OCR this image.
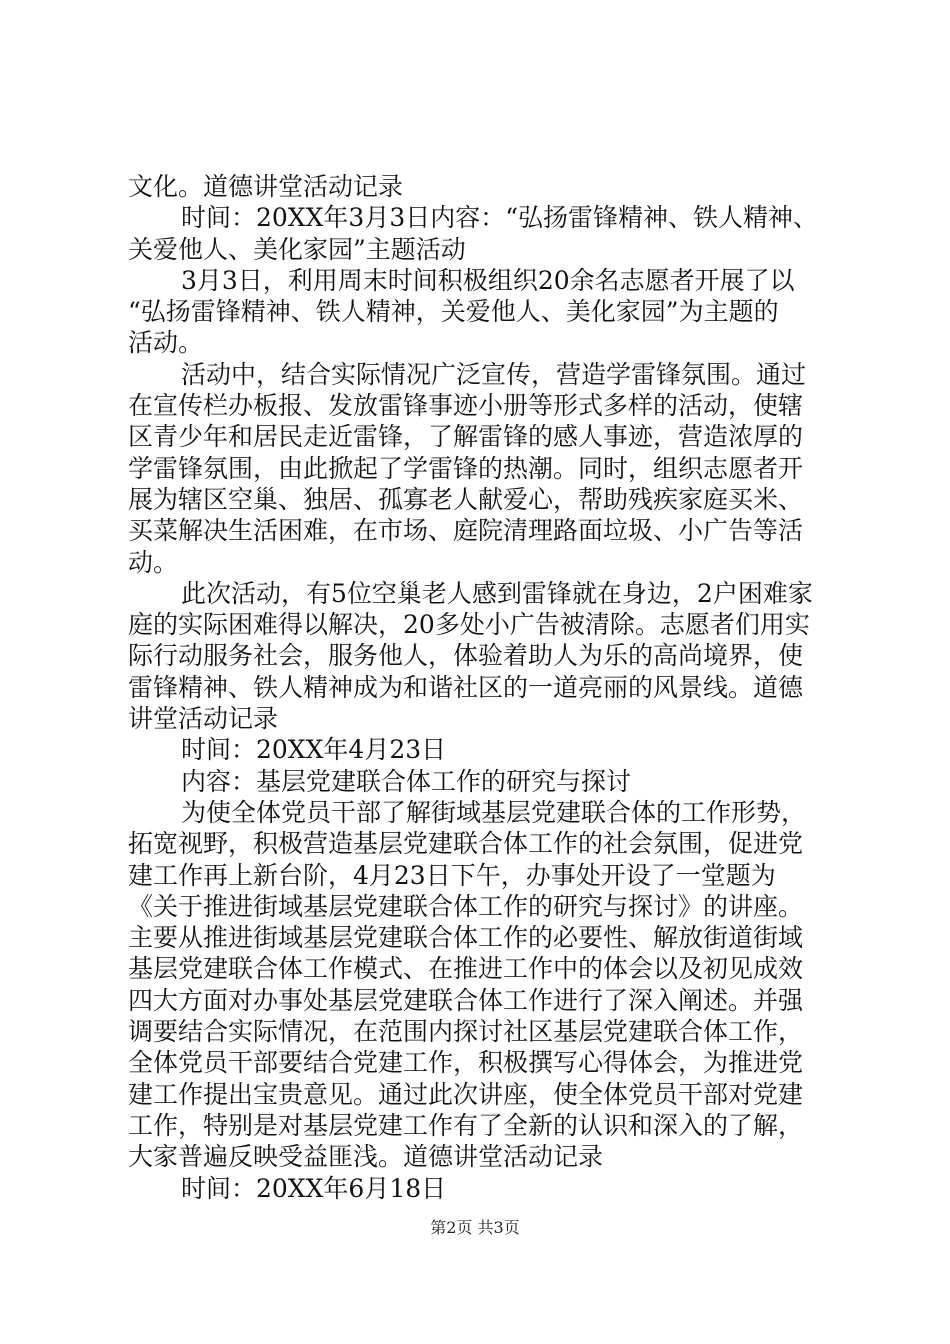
文化。道德讲堂活动记录
时间：20XX年3月3日内容：“弘扬雷锋精神、铁人精神、
关爱他人、美化家园”主题活动
3月3日，利用周末时间积极组织20余名志愿者开展了以
“弘扬雷锋精神、铁人精神，关爱他人、美化家园”为主题的
活动。
活动中，结合实际情况广泛宣传，营造学雷锋氛围。通过
在宣传栏办板报、发放雷锋事迹小册等形式多样的活动，使辖
区青少年和居民走近雷锋，了解雷锋的感人事迹，营造浓厚的
学雷锋氛围，由此掀起了学雷锋的热潮。同时，组织志愿者开
展为辖区空巢、独居、孤寡老人献爱心，帮助残疾家庭买米、
买菜解决生活困难，在市场、庭院清理路面垃圾、小广告等活
动。
此次活动，有5位空巢老人感到雷锋就在身边，2户困难家
庭的实际困难得以解决，20多处小广告被清除。志愿者们用实
际行动服务社会，服务他人，体验着助人为乐的高尚境界，使
雷锋精神、铁人精神成为和谐社区的一道亮丽的风景线。道德
讲堂活动记录
时间：20XX年4月23日
内容：基层党建联合体工作的研究与探讨
为使全体党员干部了解街域基层党建联合体的工作形势，
拓宽视野，积极营造基层党建联合体工作的社会氛围，促进党
建工作再上新台阶，4月23日下午，办事处开设了一堂题为
《关于推进街域基层党建联合体工作的研究与探讨》的讲座。
主要从推进街域基层党建联合体工作的必要性、解放街道街域
基层党建联合体工作模式、在推进工作中的体会以及初见成效
四大方面对办事处基层党建联合体工作进行了深入阐述。并强
调要结合实际情况，在范围内探讨社区基层党建联合体工作，
全体党员干部要结合党建工作，积极撰写心得体会，为推进党
建工作提出宝贵意见。通过此次讲座，使全体党员干部对党建
工作，特别是对基层党建工作有了全新的认识和深入的了解，
大家普遍反映受益匪浅。道德讲堂活动记录
时间：20XX年6月18日
第2页 共3页
